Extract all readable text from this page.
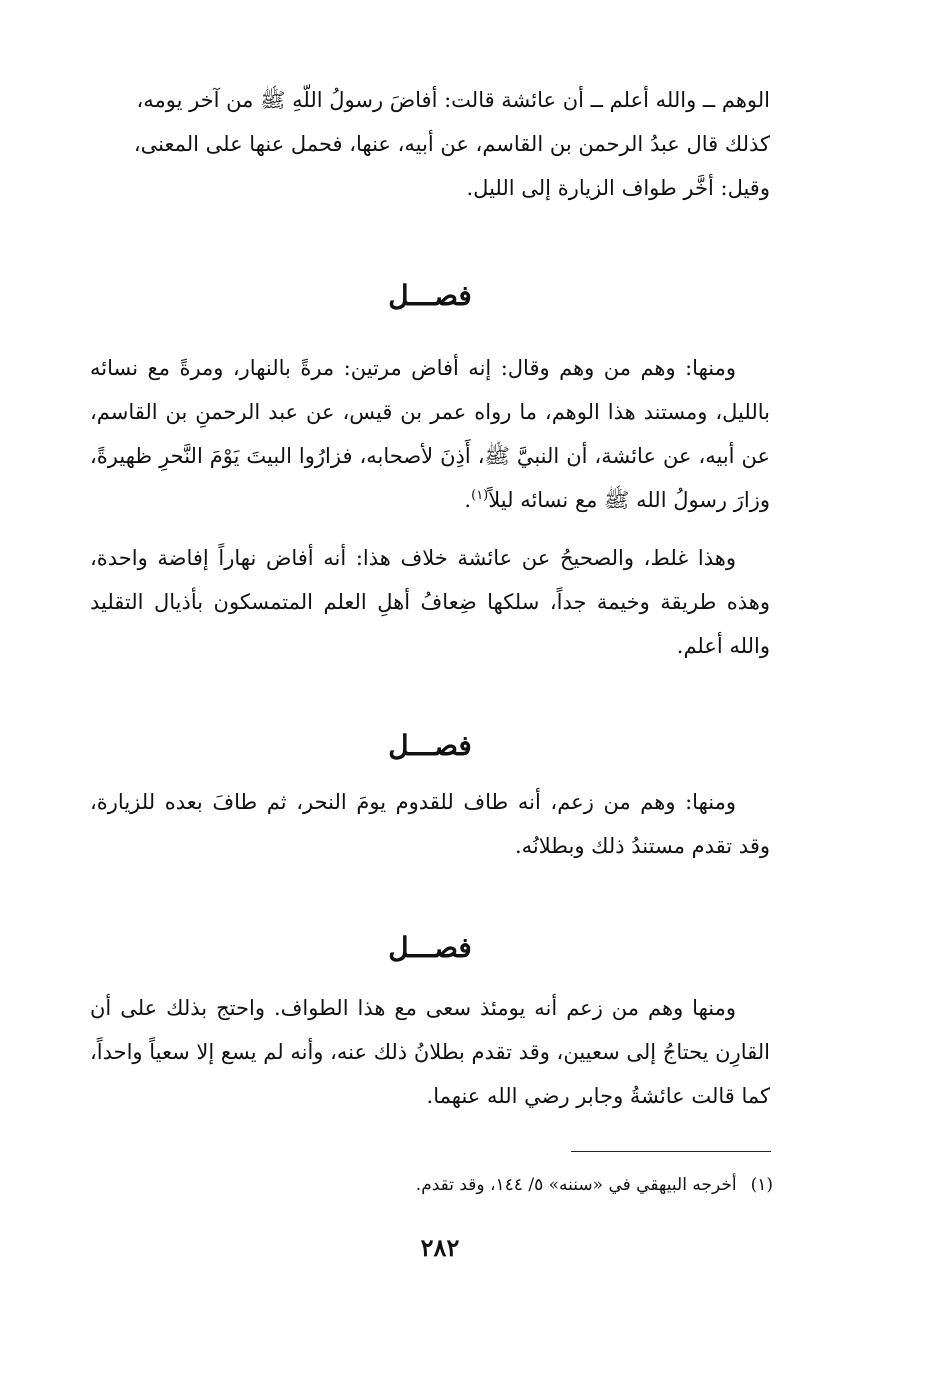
الوهم ــ والله أعلم ــ أن عائشة قالت: أفاضَ رسولُ اللّهِ ﷺ من آخر يومه،

كذلك قال عبدُ الرحمن بن القاسم، عن أبيه، عنها، فحمل عنها على المعنى،

وقيل: أخَّر طواف الزيارة إلى الليل.

فصـــل

ومنها: وهم من وهم وقال: إنه أفاض مرتين: مرةً بالنهار، ومرةً مع نسائه بالليل، ومستند هذا الوهم، ما رواه عمر بن قيس، عن عبد الرحمنِ بن القاسم، عن أبيه، عن عائشة، أن النبيَّ ﷺ، أَذِنَ لأصحابه، فزارُوا البيتَ يَوْمَ النَّحرِ ظهيرةً، وزارَ رسولُ الله ﷺ مع نسائه ليلاً$^{(١)}$.

وهذا غلط، والصحيحُ عن عائشة خلاف هذا: أنه أفاض نهاراً إفاضة واحدة، وهذه طريقة وخيمة جداً، سلكها ضِعافُ أهلِ العلم المتمسكون بأذيال التقليد والله أعلم.

فصـــل

ومنها: وهم من زعم، أنه طاف للقدوم يومَ النحر، ثم طافَ بعده للزيارة، وقد تقدم مستندُ ذلك وبطلانُه.

فصـــل

ومنها وهم من زعم أنه يومئذ سعى مع هذا الطواف. واحتج بذلك على أن القارِن يحتاجُ إلى سعيين، وقد تقدم بطلانُ ذلك عنه، وأنه لم يسع إلا سعياً واحداً، كما قالت عائشةُ وجابر رضي الله عنهما.

(١)أخرجه البيهقي في «سننه» ٥/ ١٤٤، وقد تقدم.
٢٨٢
